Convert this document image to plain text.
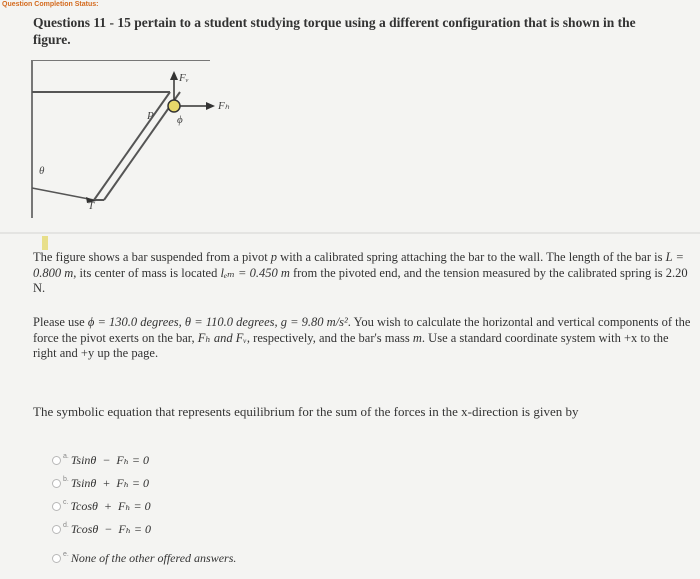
Question Completion Status:
Questions 11 - 15 pertain to a student studying torque using a different configuration that is shown in the figure.
Fᵥ
Fₕ
P ϕ
θ
T
The figure shows a bar suspended from a pivot p with a calibrated spring attaching the bar to the wall. The length of the bar is L = 0.800 m, its center of mass is located lₑₘ = 0.450 m from the pivoted end, and the tension measured by the calibrated spring is 2.20 N.
Please use ϕ = 130.0 degrees, θ = 110.0 degrees, g = 9.80 m/s². You wish to calculate the horizontal and vertical components of the force the pivot exerts on the bar, Fₕ and Fᵥ, respectively, and the bar's mass m. Use a standard coordinate system with +x to the right and +y up the page.
The symbolic equation that represents equilibrium for the sum of the forces in the x-direction is given by
a. Tsinθ  −  Fₕ = 0
b. Tsinθ  +  Fₕ = 0
c. Tcosθ  +  Fₕ = 0
d. Tcosθ  −  Fₕ = 0
e. None of the other offered answers.
